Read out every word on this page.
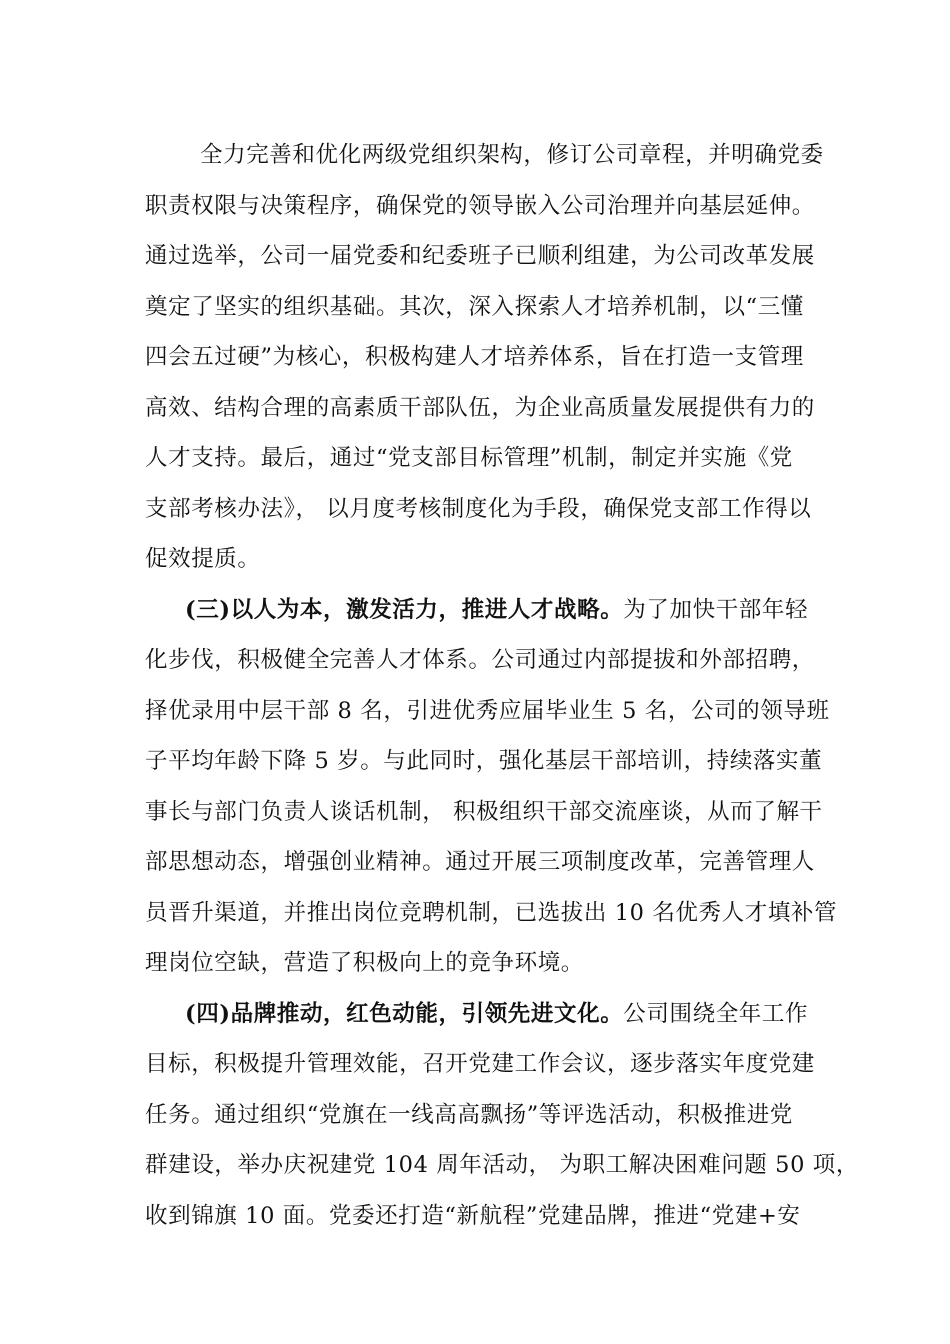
全力完善和优化两级党组织架构，修订公司章程，并明确党委
职责权限与决策程序，确保党的领导嵌入公司治理并向基层延伸。
通过选举，公司一届党委和纪委班子已顺利组建，为公司改革发展
奠定了坚实的组织基础。其次，深入探索人才培养机制，以“三懂
四会五过硬”为核心，积极构建人才培养体系，旨在打造一支管理
高效、结构合理的高素质干部队伍，为企业高质量发展提供有力的
人才支持。最后，通过“党支部目标管理”机制，制定并实施《党
支部考核办法》， 以月度考核制度化为手段，确保党支部工作得以
促效提质。
(三)以人为本，激发活力，推进人才战略。为了加快干部年轻
化步伐，积极健全完善人才体系。公司通过内部提拔和外部招聘，
择优录用中层干部 8 名，引进优秀应届毕业生 5 名，公司的领导班
子平均年龄下降 5 岁。与此同时，强化基层干部培训，持续落实董
事长与部门负责人谈话机制， 积极组织干部交流座谈，从而了解干
部思想动态，增强创业精神。通过开展三项制度改革，完善管理人
员晋升渠道，并推出岗位竞聘机制，已选拔出 10 名优秀人才填补管
理岗位空缺，营造了积极向上的竞争环境。
(四)品牌推动，红色动能，引领先进文化。公司围绕全年工作
目标，积极提升管理效能，召开党建工作会议，逐步落实年度党建
任务。通过组织“党旗在一线高高飘扬”等评选活动，积极推进党
群建设，举办庆祝建党 104 周年活动， 为职工解决困难问题 50 项，
收到锦旗 10 面。党委还打造“新航程”党建品牌，推进“党建+安
